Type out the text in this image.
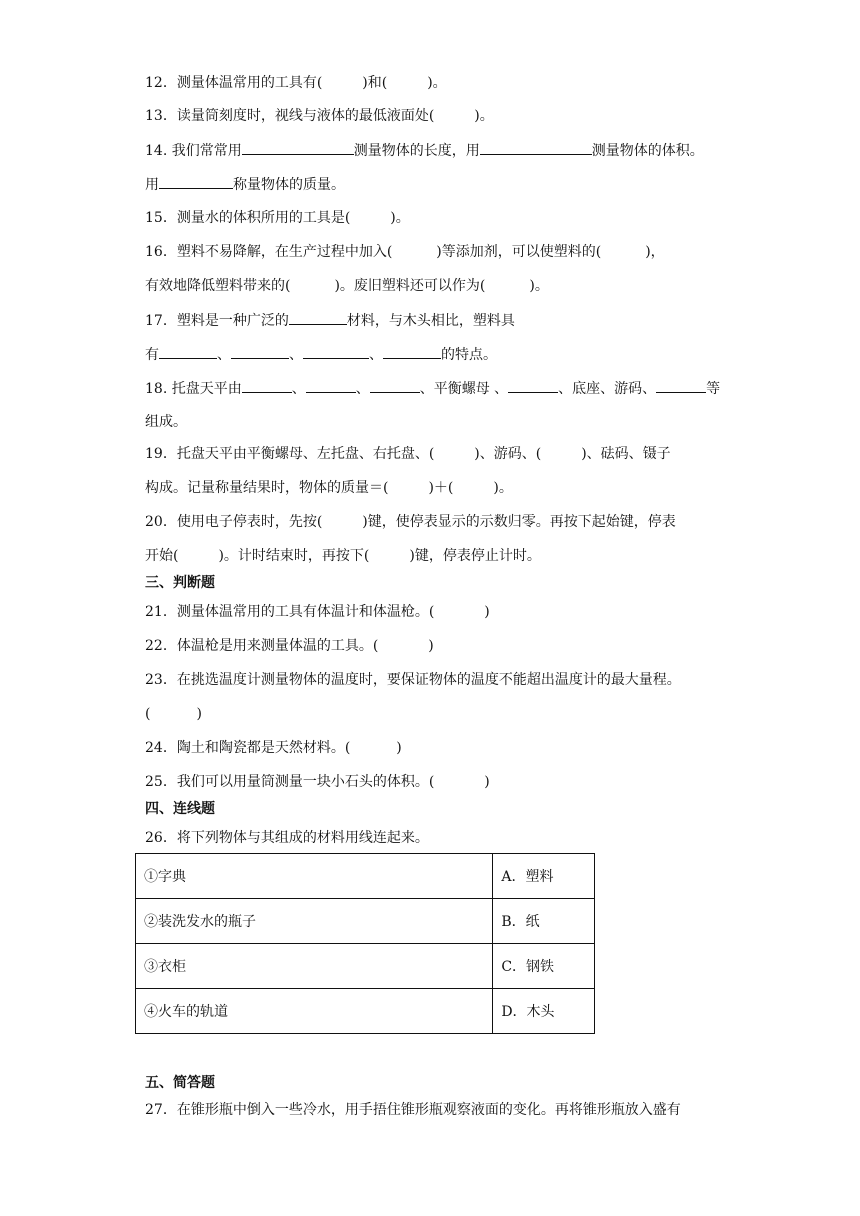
12．测量体温常用的工具有(	)和(	)。
13．读量筒刻度时，视线与液体的最低液面处(	)。
14. 我们常常用	测量物体的长度，用	测量物体的体积。
用	称量物体的质量。
15．测量水的体积所用的工具是(	)。
16．塑料不易降解，在生产过程中加入(	)等添加剂，可以使塑料的(	)，
有效地降低塑料带来的(	)。废旧塑料还可以作为(	)。
17．塑料是一种广泛的	材料，与木头相比，塑料具
有	、	、	、	的特点。
18. 托盘天平由	、	、	、平衡螺母 、	、底座、游码、	等
组成。
19．托盘天平由平衡螺母、左托盘、右托盘、(	)、游码、(	)、砝码、镊子
构成。记量称量结果时，物体的质量＝(	)＋(	)。
20．使用电子停表时，先按(	)键，使停表显示的示数归零。再按下起始键，停表
开始(	)。计时结束时，再按下(	)键，停表停止计时。
三、判断题
21．测量体温常用的工具有体温计和体温枪。(	)
22．体温枪是用来测量体温的工具。(	)
23．在挑选温度计测量物体的温度时，要保证物体的温度不能超出温度计的最大量程。
(	)
24．陶土和陶瓷都是天然材料。(	)
25．我们可以用量筒测量一块小石头的体积。(	)
四、连线题
26．将下列物体与其组成的材料用线连起来。
①字典	A．塑料
②装洗发水的瓶子	B．纸
③衣柜	C．钢铁
④火车的轨道	D．木头
五、简答题
27．在锥形瓶中倒入一些冷水，用手捂住锥形瓶观察液面的变化。再将锥形瓶放入盛有
